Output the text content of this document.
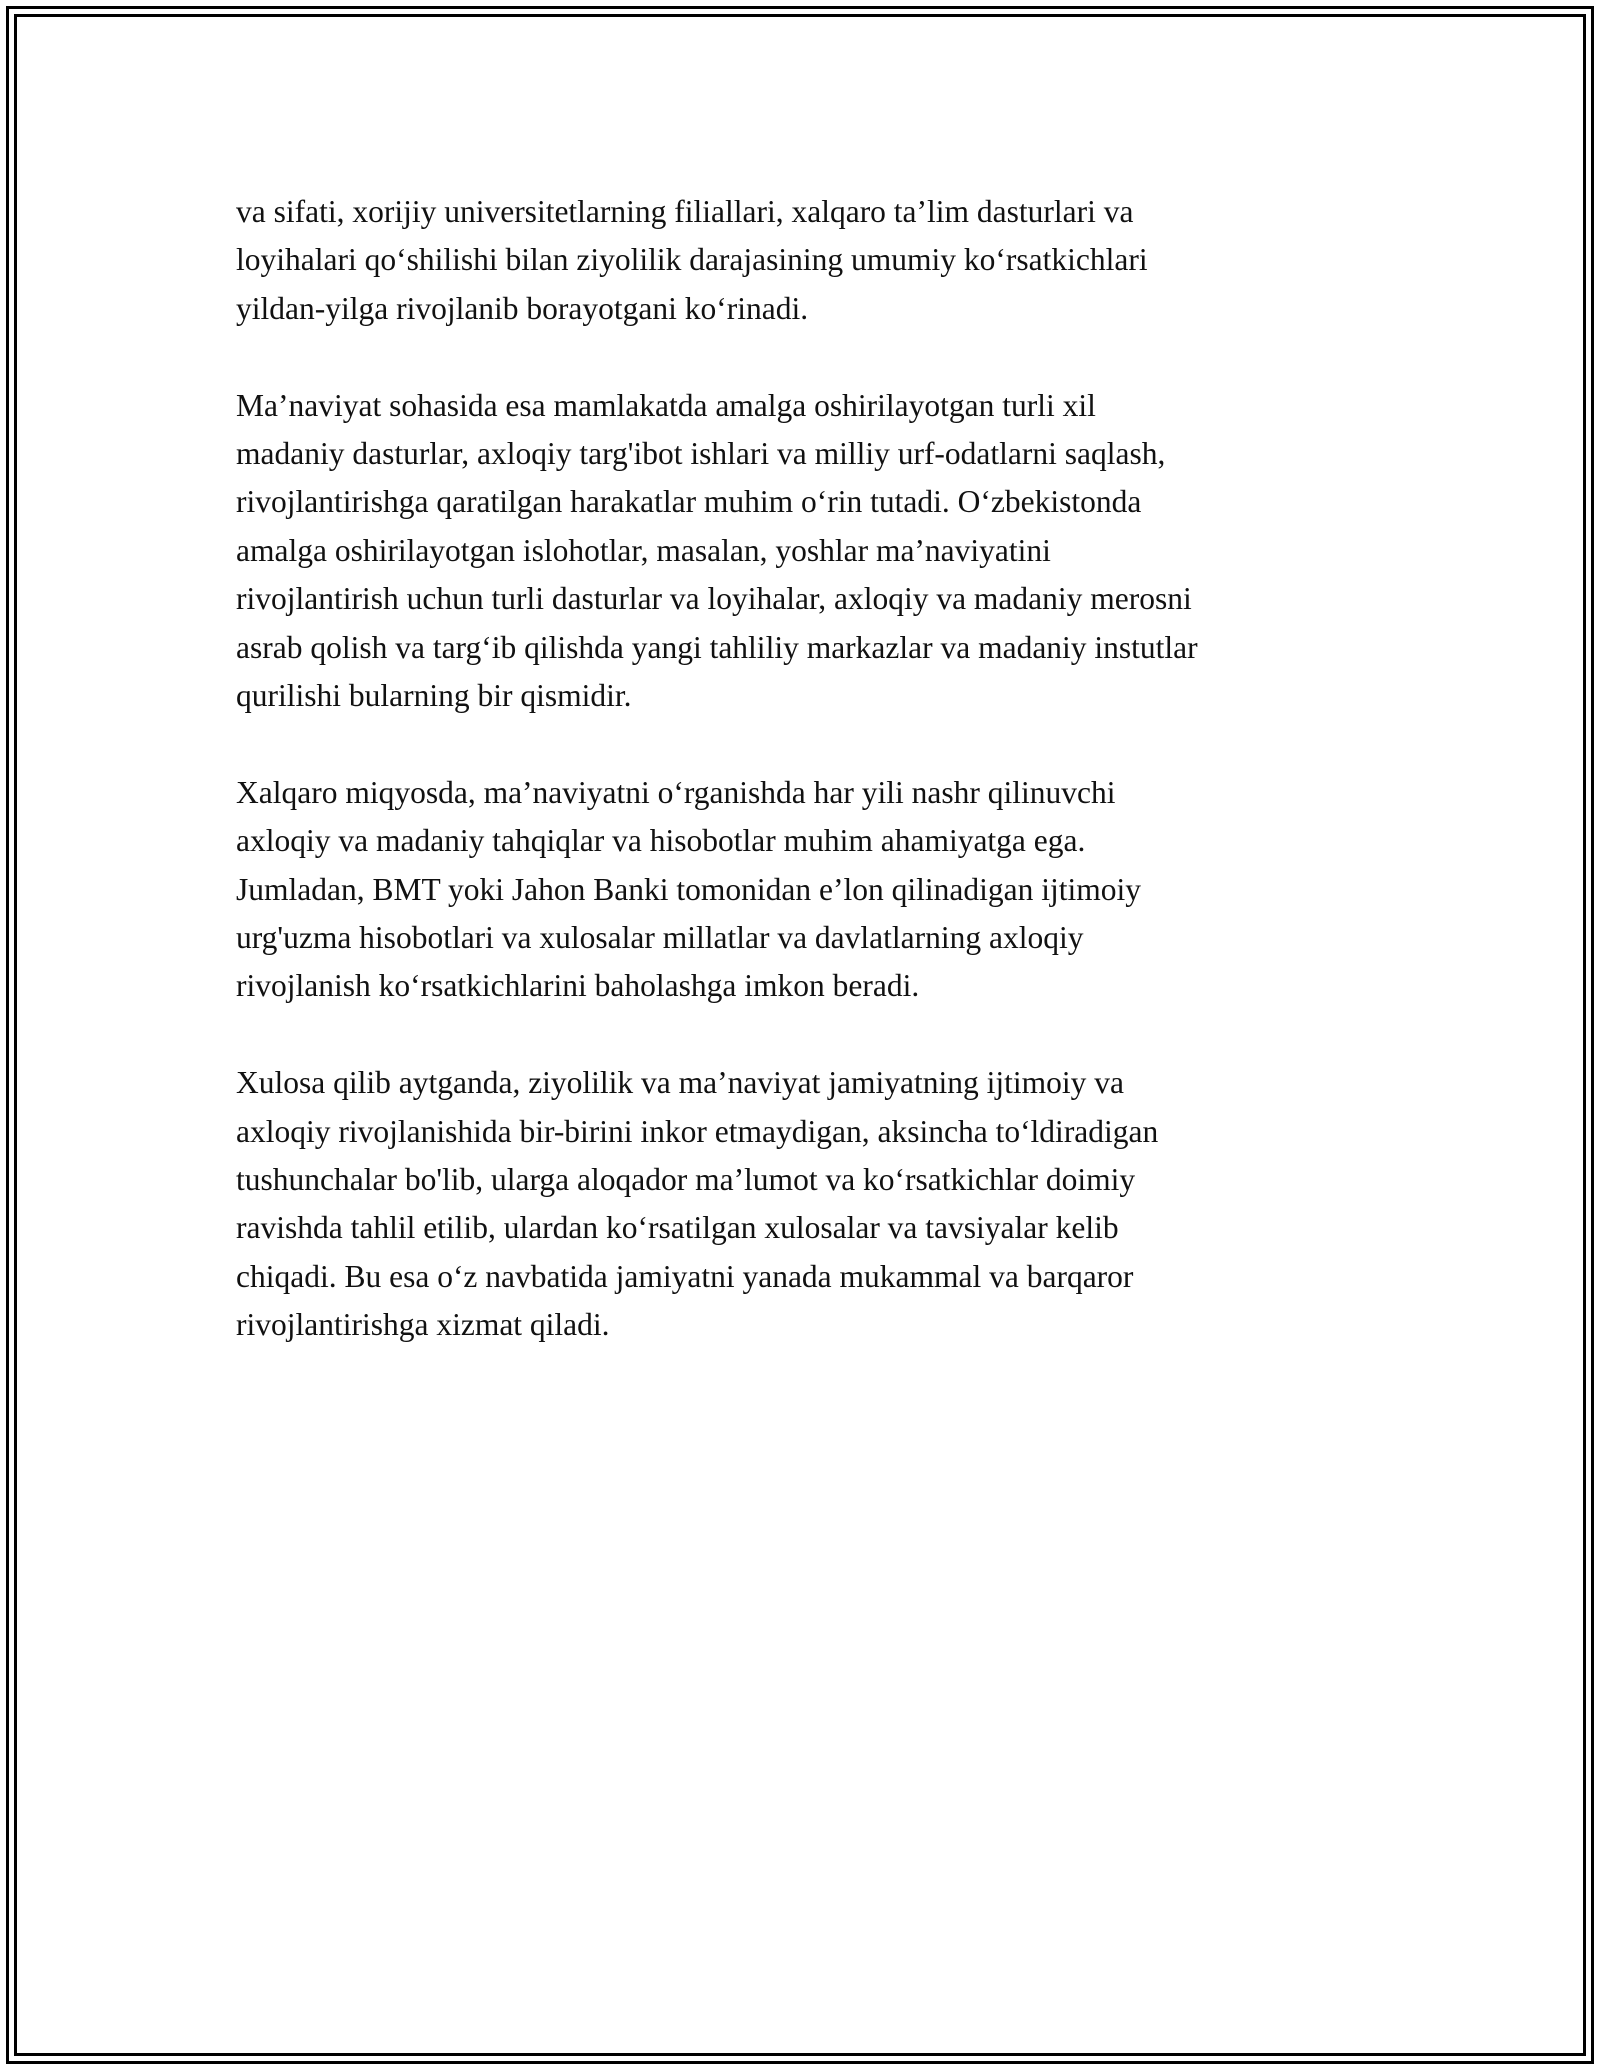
va sifati, xorijiy universitetlarning filiallari, xalqaro ta’lim dasturlari va
loyihalari qo‘shilishi bilan ziyolilik darajasining umumiy ko‘rsatkichlari
yildan-yilga rivojlanib borayotgani ko‘rinadi.

Ma’naviyat sohasida esa mamlakatda amalga oshirilayotgan turli xil
madaniy dasturlar, axloqiy targ'ibot ishlari va milliy urf-odatlarni saqlash,
rivojlantirishga qaratilgan harakatlar muhim o‘rin tutadi. O‘zbekistonda
amalga oshirilayotgan islohotlar, masalan, yoshlar ma’naviyatini
rivojlantirish uchun turli dasturlar va loyihalar, axloqiy va madaniy merosni
asrab qolish va targ‘ib qilishda yangi tahliliy markazlar va madaniy instutlar
qurilishi bularning bir qismidir.

Xalqaro miqyosda, ma’naviyatni o‘rganishda har yili nashr qilinuvchi
axloqiy va madaniy tahqiqlar va hisobotlar muhim ahamiyatga ega.
Jumladan, BMT yoki Jahon Banki tomonidan e’lon qilinadigan ijtimoiy
urg'uzma hisobotlari va xulosalar millatlar va davlatlarning axloqiy
rivojlanish ko‘rsatkichlarini baholashga imkon beradi.

Xulosa qilib aytganda, ziyolilik va ma’naviyat jamiyatning ijtimoiy va
axloqiy rivojlanishida bir-birini inkor etmaydigan, aksincha to‘ldiradigan
tushunchalar bo'lib, ularga aloqador ma’lumot va ko‘rsatkichlar doimiy
ravishda tahlil etilib, ulardan ko‘rsatilgan xulosalar va tavsiyalar kelib
chiqadi. Bu esa o‘z navbatida jamiyatni yanada mukammal va barqaror
rivojlantirishga xizmat qiladi.
